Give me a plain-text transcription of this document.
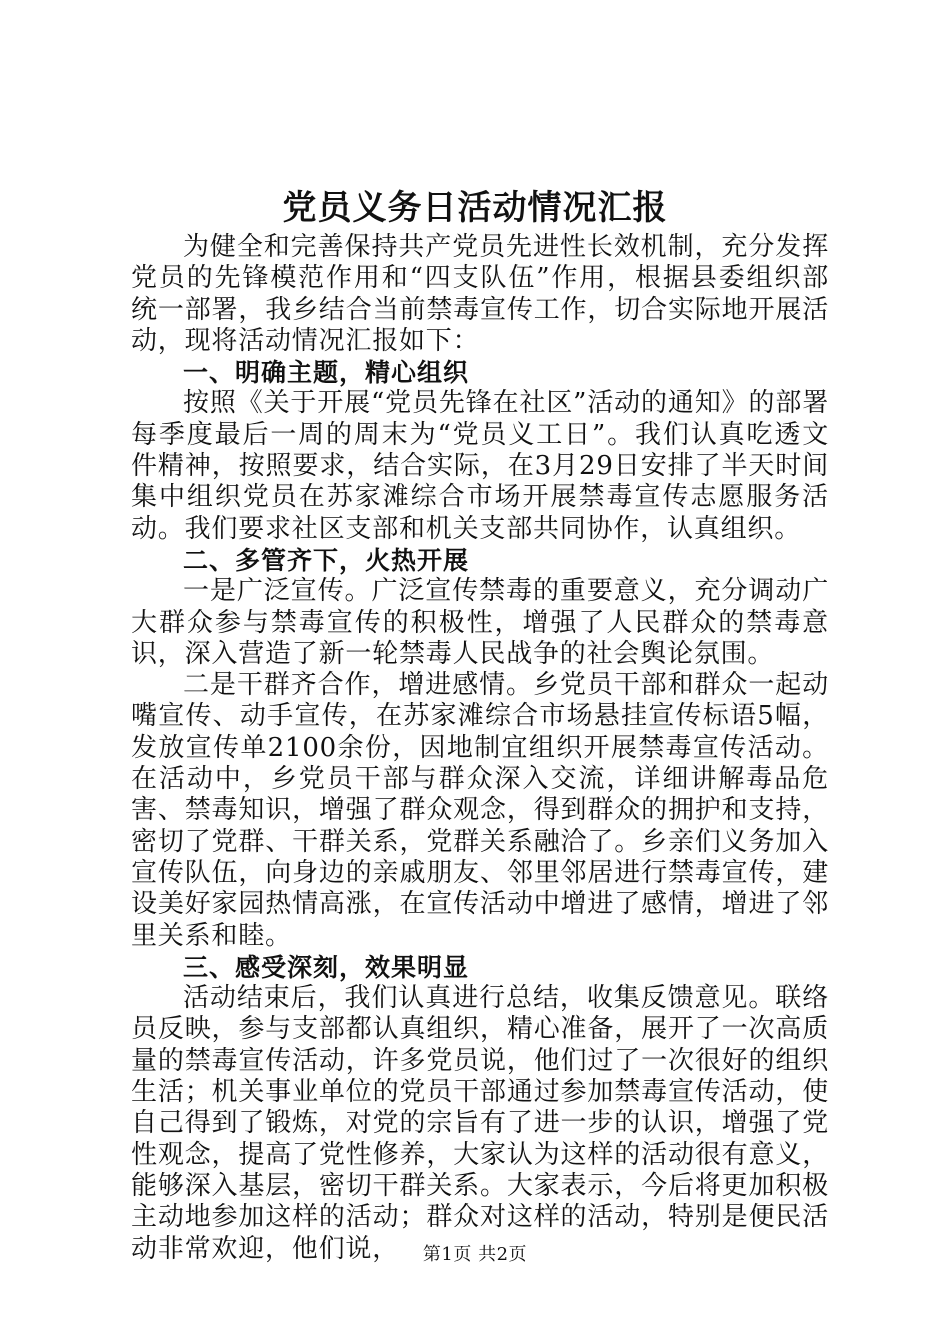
党员义务日活动情况汇报

为健全和完善保持共产党员先进性长效机制，充分发挥党员的先锋模范作用和“四支队伍”作用，根据县委组织部统一部署，我乡结合当前禁毒宣传工作，切合实际地开展活动，现将活动情况汇报如下：

一、明确主题，精心组织

按照《关于开展“党员先锋在社区”活动的通知》的部署每季度最后一周的周末为“党员义工日”。我们认真吃透文件精神，按照要求，结合实际，在3月29日安排了半天时间集中组织党员在苏家滩综合市场开展禁毒宣传志愿服务活动。我们要求社区支部和机关支部共同协作，认真组织。

二、多管齐下，火热开展

一是广泛宣传。广泛宣传禁毒的重要意义，充分调动广大群众参与禁毒宣传的积极性，增强了人民群众的禁毒意识，深入营造了新一轮禁毒人民战争的社会舆论氛围。

二是干群齐合作，增进感情。乡党员干部和群众一起动嘴宣传、动手宣传，在苏家滩综合市场悬挂宣传标语5幅，发放宣传单2100余份，因地制宜组织开展禁毒宣传活动。在活动中，乡党员干部与群众深入交流，详细讲解毒品危害、禁毒知识，增强了群众观念，得到群众的拥护和支持，密切了党群、干群关系，党群关系融洽了。乡亲们义务加入宣传队伍，向身边的亲戚朋友、邻里邻居进行禁毒宣传，建设美好家园热情高涨，在宣传活动中增进了感情，增进了邻里关系和睦。

三、感受深刻，效果明显

活动结束后，我们认真进行总结，收集反馈意见。联络员反映，参与支部都认真组织，精心准备，展开了一次高质量的禁毒宣传活动，许多党员说，他们过了一次很好的组织生活；机关事业单位的党员干部通过参加禁毒宣传活动，使自己得到了锻炼，对党的宗旨有了进一步的认识，增强了党性观念，提高了党性修养，大家认为这样的活动很有意义，能够深入基层，密切干群关系。大家表示，今后将更加积极主动地参加这样的活动；群众对这样的活动，特别是便民活动非常欢迎，他们说，	第1页 共2页
